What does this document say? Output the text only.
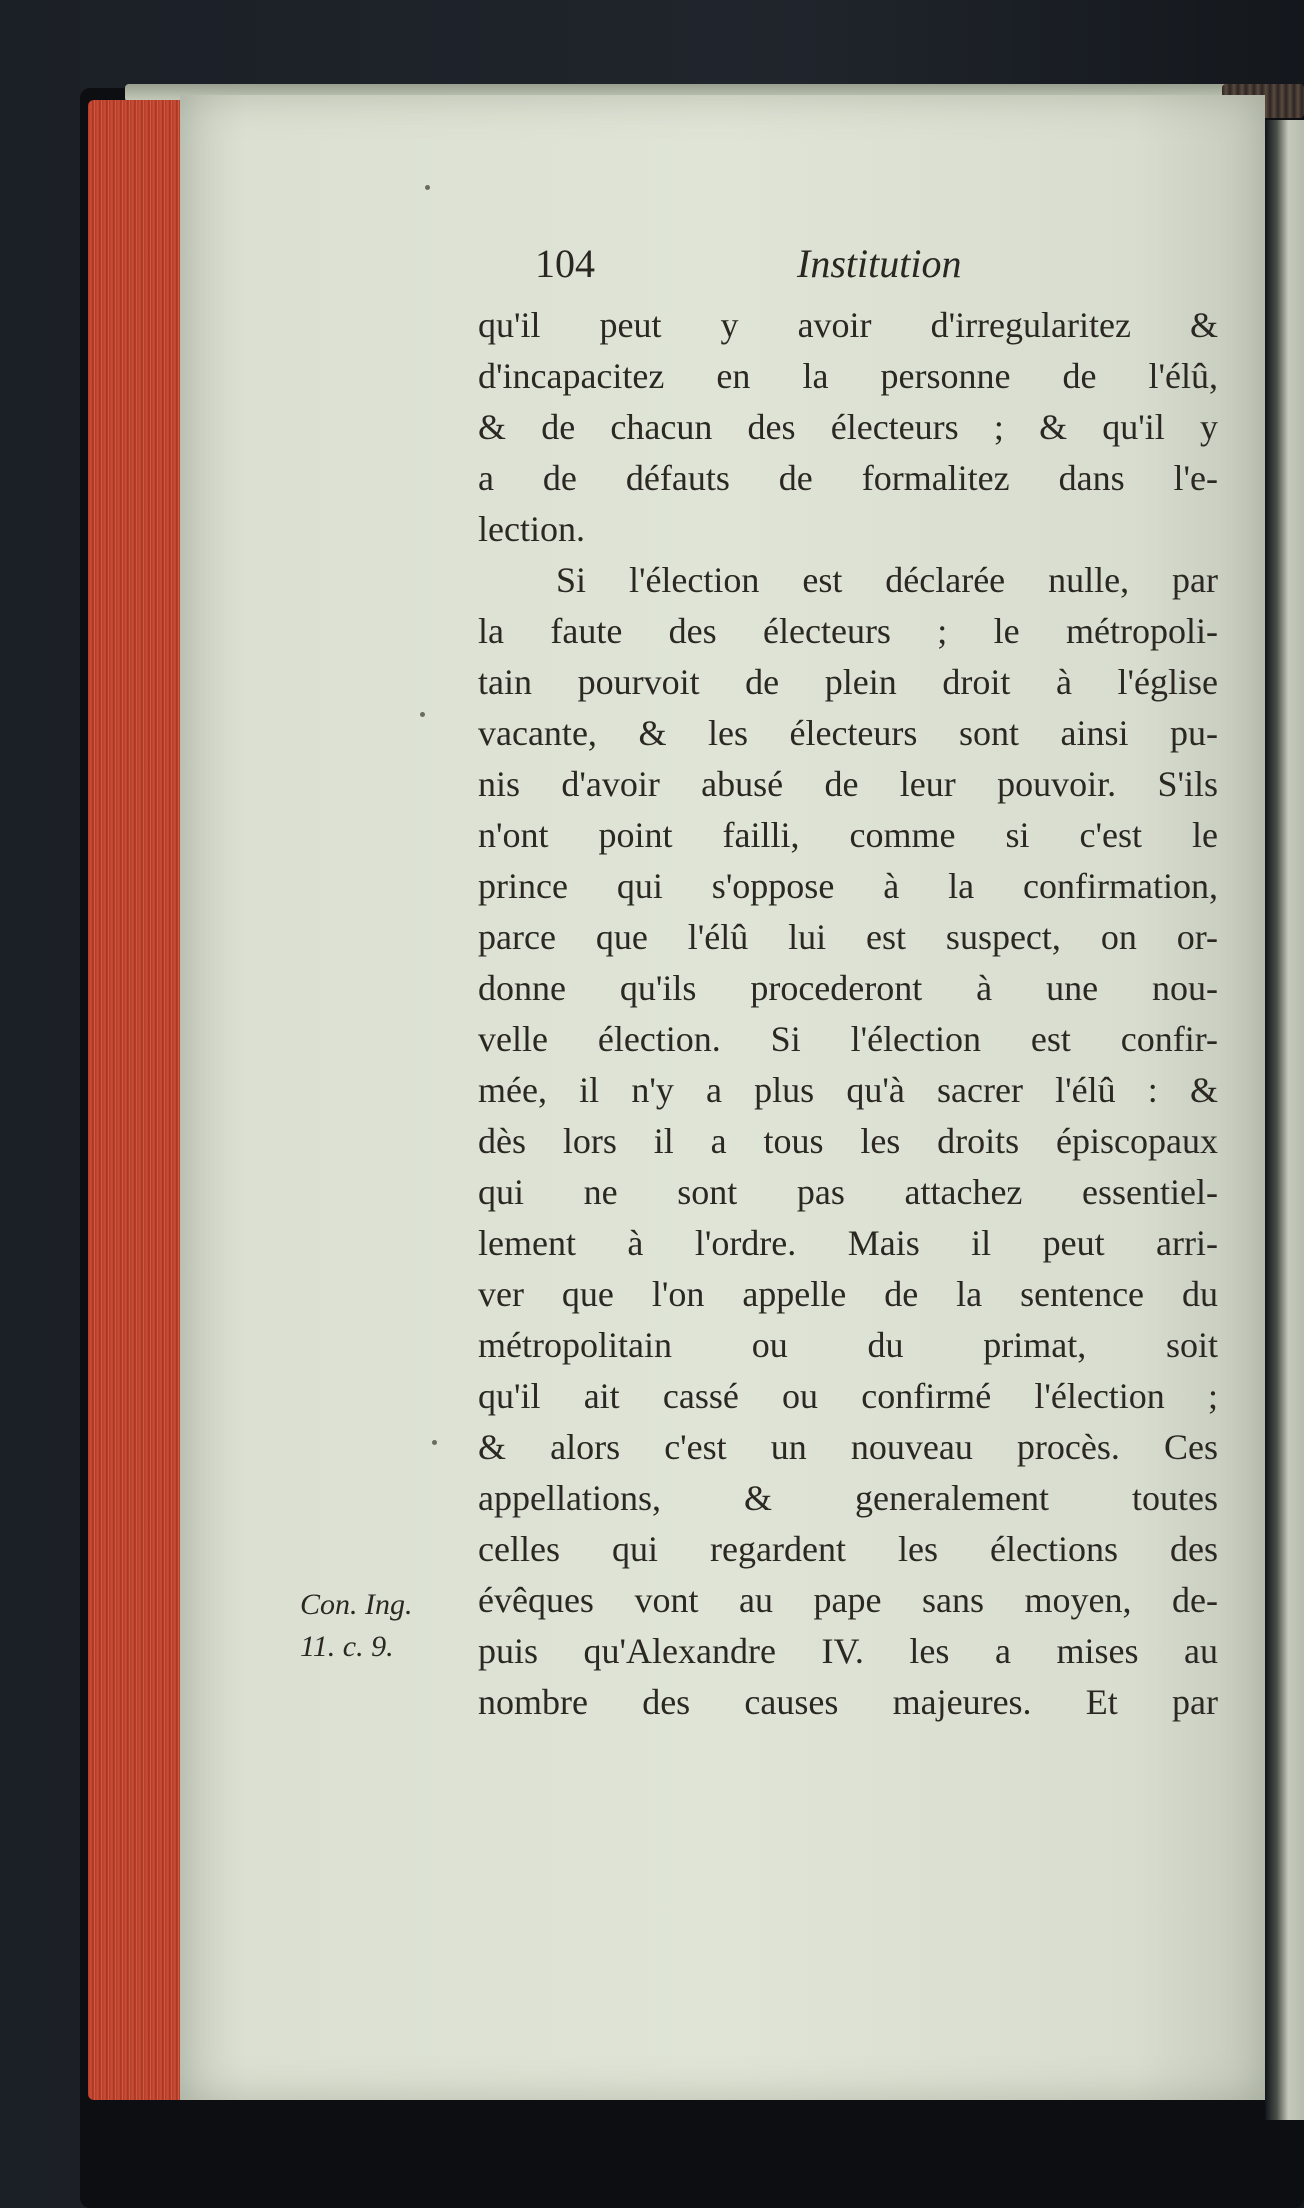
104	Institution
qu'il peut y avoir d'irregularitez &
d'incapacitez en la personne de l'élû,
& de chacun des électeurs ; & qu'il y
a de défauts de formalitez dans l'e-
lection.
Si l'élection est déclarée nulle, par
la faute des électeurs ; le métropoli-
tain pourvoit de plein droit à l'église
vacante, & les électeurs sont ainsi pu-
nis d'avoir abusé de leur pouvoir. S'ils
n'ont point failli, comme si c'est le
prince qui s'oppose à la confirmation,
parce que l'élû lui est suspect, on or-
donne qu'ils procederont à une nou-
velle élection. Si l'élection est confir-
mée, il n'y a plus qu'à sacrer l'élû : &
dès lors il a tous les droits épiscopaux
qui ne sont pas attachez essentiel-
lement à l'ordre. Mais il peut arri-
ver que l'on appelle de la sentence du
métropolitain ou du primat, soit
qu'il ait cassé ou confirmé l'élection ;
& alors c'est un nouveau procès. Ces
appellations, & generalement toutes
celles qui regardent les élections des
évêques vont au pape sans moyen, de-
puis qu'Alexandre IV. les a mises au
nombre des causes majeures. Et par
Con. Ing.
11. c. 9.
